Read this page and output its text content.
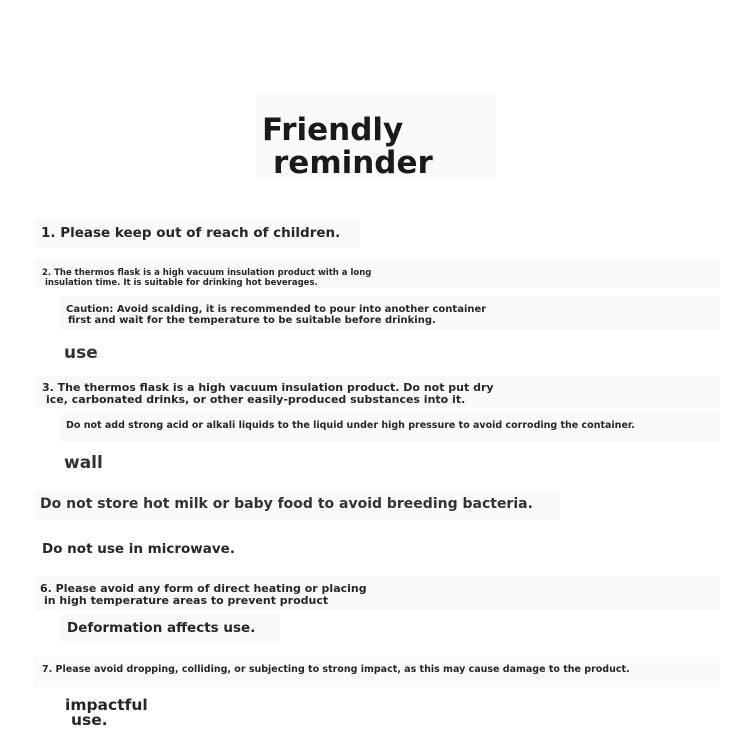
Friendly
reminder
1. Please keep out of reach of children.
2. The thermos flask is a high vacuum insulation product with a long
insulation time. It is suitable for drinking hot beverages.
Caution: Avoid scalding, it is recommended to pour into another container
first and wait for the temperature to be suitable before drinking.
use
3. The thermos flask is a high vacuum insulation product. Do not put dry
ice, carbonated drinks, or other easily-produced substances into it.
Do not add strong acid or alkali liquids to the liquid under high pressure to avoid corroding the container.
wall
Do not store hot milk or baby food to avoid breeding bacteria.
Do not use in microwave.
6. Please avoid any form of direct heating or placing
in high temperature areas to prevent product
Deformation affects use.
7. Please avoid dropping, colliding, or subjecting to strong impact, as this may cause damage to the product.
impactful
use.
